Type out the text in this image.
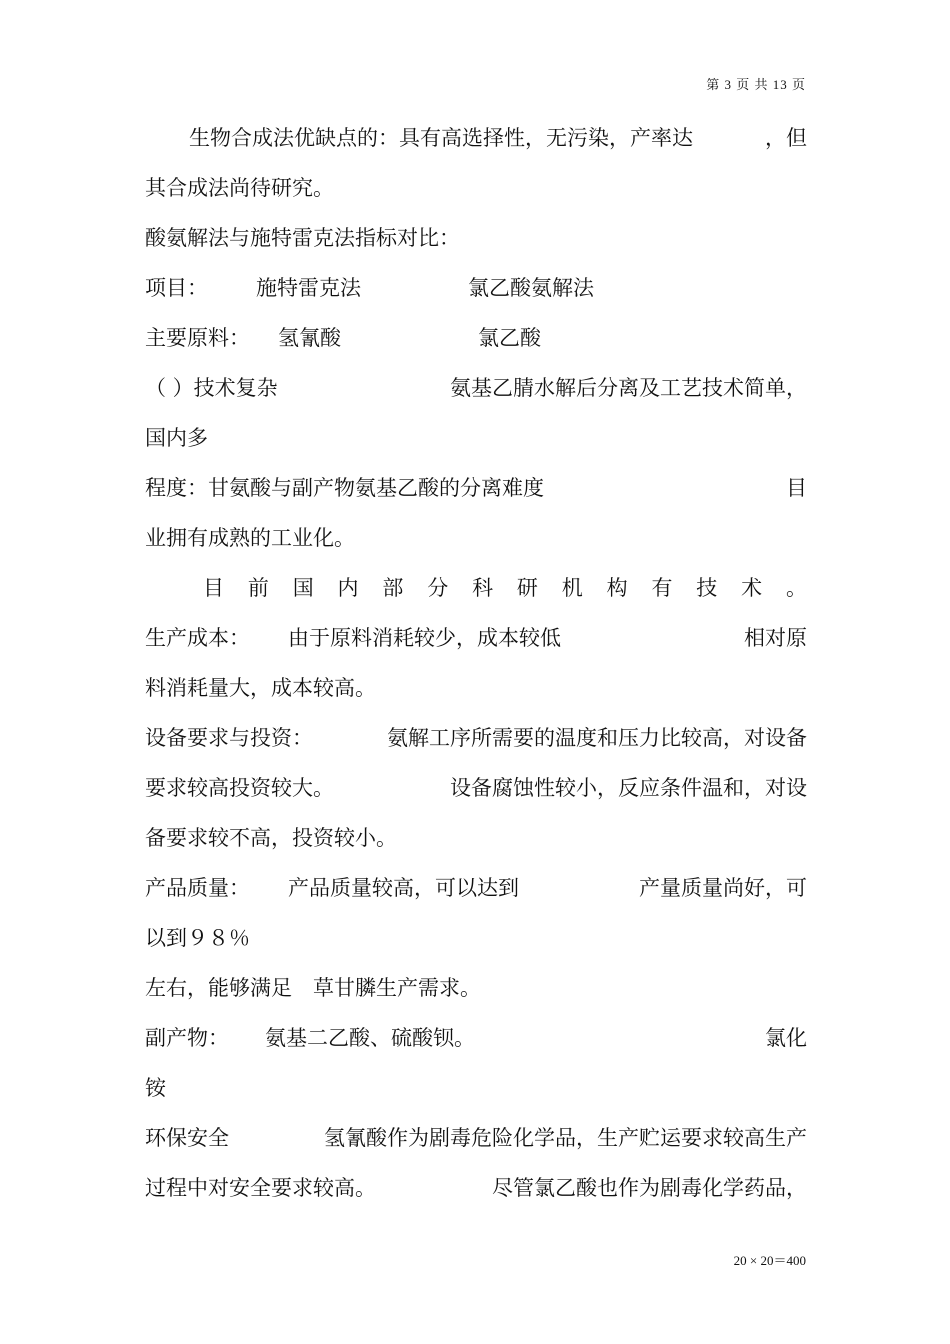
第 3 页 共 13 页
生物合成法优缺点的：具有高选择性，无污染，产率达	，但
其合成法尚待研究。
酸氨解法与施特雷克法指标对比：
项目： 施特雷克法	氯乙酸氨解法
主要原料： 氢氰酸	氯乙酸
（ ）技术复杂	氨基乙腈水解后分离及工艺技术简单，
国内多
程度：甘氨酸与副产物氨基乙酸的分离难度	目
业拥有成熟的工业化。
目 前 国 内 部 分 科 研 机 构 有 技 术 。
生产成本： 由于原料消耗较少，成本较低	相对原
料消耗量大，成本较高。
设备要求与投资：	氨解工序所需要的温度和压力比较高，对设备
要求较高投资较大。	设备腐蚀性较小，反应条件温和，对设
备要求较不高，投资较小。
产品质量： 产品质量较高，可以达到	产量质量尚好，可
以到９８％
左右，能够满足　草甘膦生产需求。
副产物： 氨基二乙酸、硫酸钡。	氯化
铵
环保安全	氢氰酸作为剧毒危险化学品，生产贮运要求较高生产
过程中对安全要求较高。	尽管氯乙酸也作为剧毒化学药品，
20 × 20＝400
